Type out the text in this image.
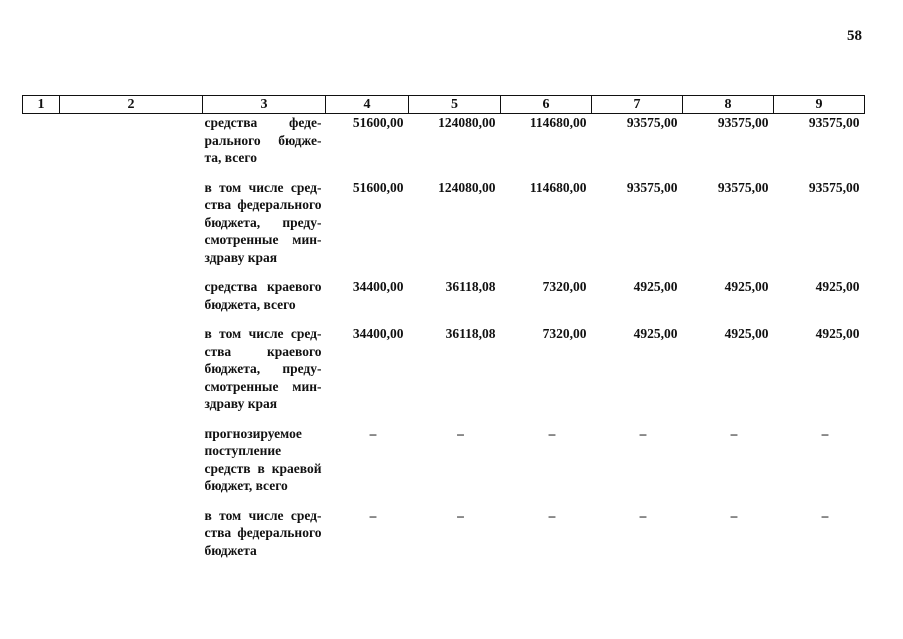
58
1	2	3	4	5	6	7	8	9
		средства феде-рального бюдже-та, всего	51600,00	124080,00	114680,00	93575,00	93575,00	93575,00

		в том числе сред-ства федерального бюджета, преду-смотренные мин-здраву края	51600,00	124080,00	114680,00	93575,00	93575,00	93575,00

		средства краевого бюджета, всего	34400,00	36118,08	7320,00	4925,00	4925,00	4925,00

		в том числе сред-ства краевого бюджета, преду-смотренные мин-здраву края	34400,00	36118,08	7320,00	4925,00	4925,00	4925,00

		прогнозируемое поступление средств в краевой бюджет, всего	–	–	–	–	–	–

		в том числе сред-ства федерального бюджета	–	–	–	–	–	–
